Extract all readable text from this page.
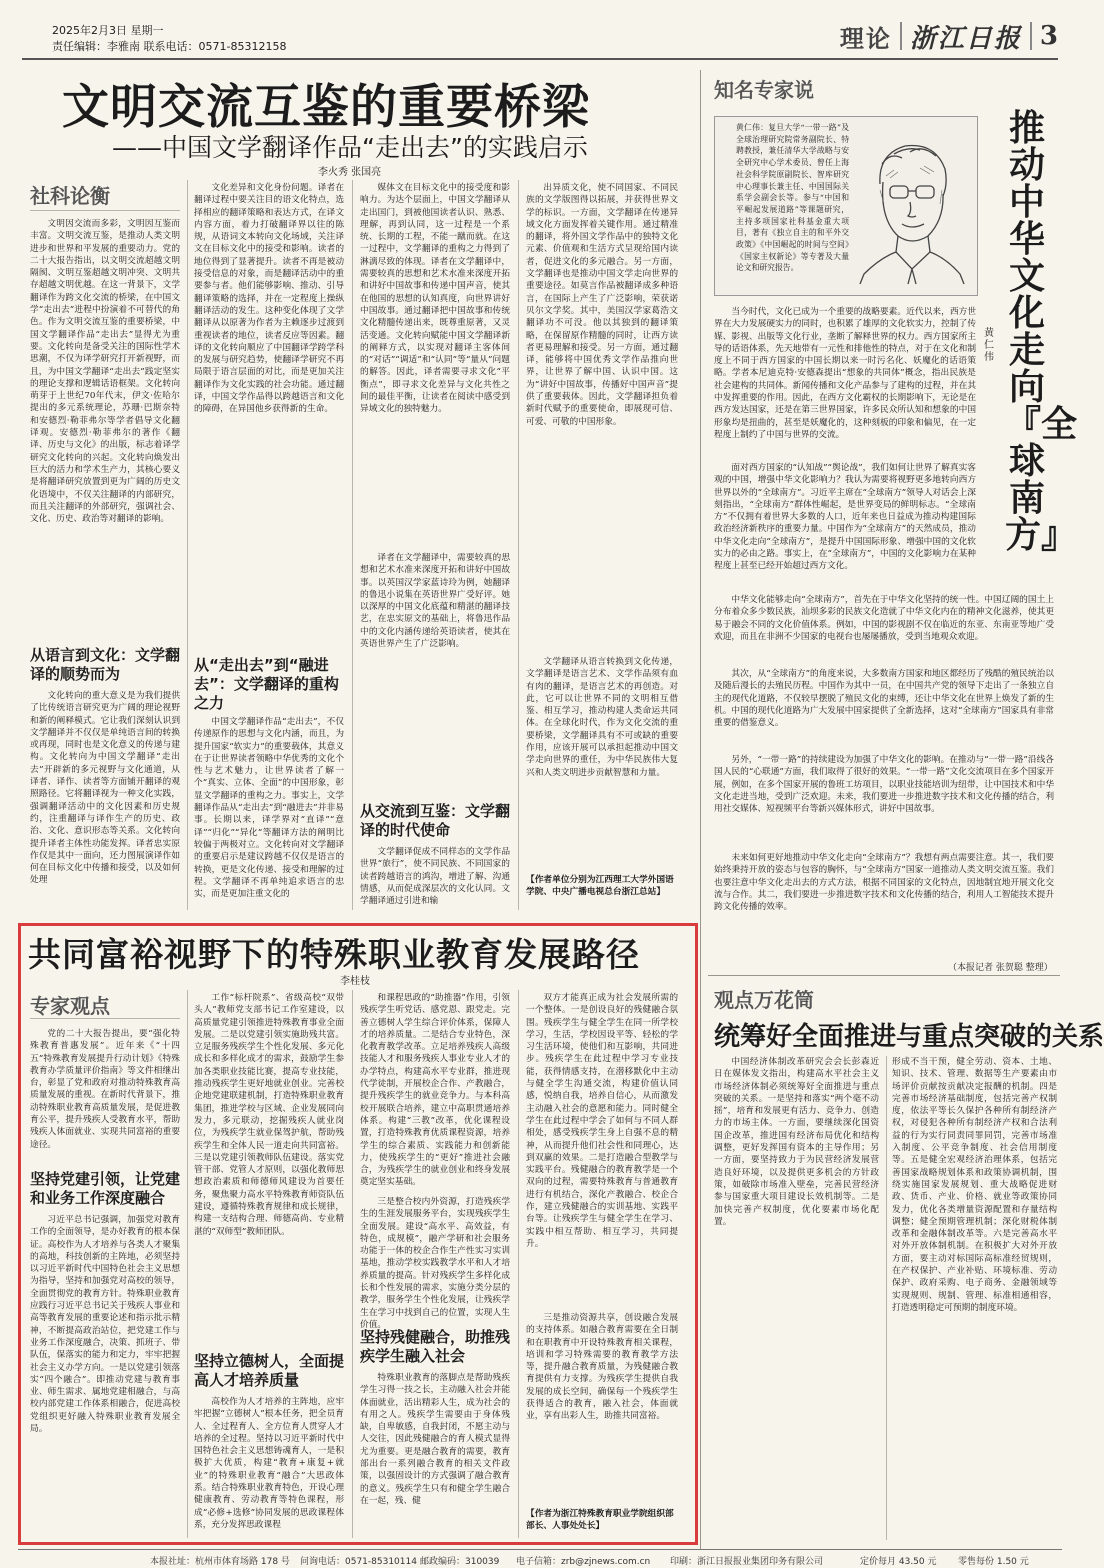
2025年2月3日 星期一
责任编辑：李雅南 联系电话：0571-85312158	理论 浙江日报 3
文明交流互鉴的重要桥梁
——中国文学翻译作品“走出去”的实践启示
李火秀 张国亮
社科论衡
文明因交流而多彩，文明因互鉴而丰富。文明交流互鉴，是推动人类文明进步和世界和平发展的重要动力。党的二十大报告指出，以文明交流超越文明隔阂、文明互鉴超越文明冲突、文明共存超越文明优越。在这一背景下，文学翻译作为跨文化交流的桥梁，在中国文学“走出去”进程中扮演着不可替代的角色。作为文明交流互鉴的重要桥梁，中国文学翻译作品“走出去”显得尤为重要。文化转向是备受关注的国际性学术思潮，不仅为译学研究打开新视野，而且，为中国文学翻译“走出去”践定坚实的理论支撑和逻辑话语框架。文化转向萌芽于上世纪70年代末，伊文·佐哈尔提出的多元系统理论，苏珊·巴斯奈特和安德烈·勒菲弗尔等学者倡导文化翻译观。安德烈·勒菲弗尔的著作《翻译、历史与文化》的出版，标志着译学研究文化转向的兴起。文化转向焕发出巨大的活力和学术生产力，其核心要义是将翻译研究放置到更为广阔的历史文化语境中，不仅关注翻译的内部研究，而且关注翻译的外部研究，强调社会、文化、历史、政治等对翻译的影响。
从语言到文化：文学翻译的顺势而为
文化转向的重大意义是为我们提供了比传统语言研究更为广阔的理论视野和新的阐释模式。它让我们深刻认识到文学翻译并不仅仅是单纯语言间的转换或再现，同时也是文化意义的传递与建构。文化转向为中国文学翻译“走出去”开辟新的多元视野与文化通道，从译者、译作、读者等方面铺开翻译的观照路径。它将翻译视为一种文化实践，强调翻译活动中的文化因素和历史规约，注重翻译与译作生产的历史、政治、文化、意识形态等关系。文化转向提升译者主体性功能发挥。译者忠实原作仅是其中一面向，还力图展演译作如何在目标文化中传播和接受，以及如何处理
文化差异和文化身份问题。译者在翻译过程中要关注目的语文化特点，选择相应的翻译策略和表达方式，在译文内容方面，着力打破翻译界以往的陈规，从语词文本转向文化场域，关注译文在目标文化中的接受和影响。读者的地位得到了显著提升。读者不再是被动接受信息的对象，而是翻译活动中的重要参与者。他们能够影响、推动、引导翻译策略的选择，并在一定程度上操纵翻译活动的发生。这种变化体现了文学翻译从以原著为作者为主赖逐步过渡到重视读者的地位，读者反应等因素。翻译的文化转向顺应了中国翻译学跨学科的发展与研究趋势，使翻译学研究不再局限于语言层面的对比，而是更加关注翻译作为文化实践的社会功能。通过翻译，中国文学作品得以跨越语言和文化的障碍，在异国他乡获得新的生命。
从“走出去”到“融进去”：文学翻译的重构之力
中国文学翻译作品“走出去”，不仅传递原作的思想与文化内涵，而且，为提升国家“软实力”的重要载体，其意义在于让世界读者领略中华优秀的文化个性与艺术魅力，让世界读者了解一个“真实、立体、全面”的中国形象，彰显文学翻译的重构之力。事实上，文学翻译作品从“走出去”到“融进去”并非易事。长期以来，译学界对“直译”“意译”“归化”“异化”等翻译方法的阐明比较偏于两极对立。文化转向对文学翻译的重要启示是建议跨越不仅仅是语言的转换，更是文化传递、接受和理解的过程。文学翻译不再单纯追求语言的忠实，而是更加注重文化的
媒体文在目标文化中的接受度和影响力。为达个层面上，中国文学翻译从走出国门，到被他国读者认识、熟悉、理解，再到认同，这一过程是一个系统、长期的工程，不能一蹴而就。在这一过程中，文学翻译的重构之力得到了淋漓尽致的体现。译者在文学翻译中，需要较真的思想和艺术水准来深度开拓和讲好中国故事和传递中国声音，使其在他国的思想的认知真度，向世界讲好中国故事。通过翻译把中国故事和传统文化精髓传递出来，既尊重原著，又灵活变通。文化转向赋能中国文学翻译新的阐释方式，以实现对翻译主客体间的“对话”“调适”和“认同”等“量从”问题的解答。因此，译者需要寻求文化“平衡点”，即寻求文化差异与文化共性之间的最佳平衡，让读者在阅读中感受到异域文化的独特魅力。
译者在文学翻译中，需要较真的思想和艺术水准来深度开拓和讲好中国故事。以英国汉学家蓝诗玲为例，她翻译的鲁迅小说集在英语世界广受好评。她以深厚的中国文化底蕴和精湛的翻译技艺，在忠实原文的基础上，将鲁迅作品中的文化内涵传递给英语读者，使其在英语世界产生了广泛影响。
从交流到互鉴：文学翻译的时代使命
文学翻译促成不同样态的文学作品世界“旅行”，使不同民族、不同国家的读者跨越语言的鸿沟，增进了解、沟通情感，从而促成深层次的文化认同。文学翻译通过引进和输
出异质文化，使不同国家、不同民族的文学版图得以拓展，并获得世界文学的标识。一方面，文学翻译在传递异域文化方面发挥着关键作用。通过精准的翻译，将外国文学作品中的独特文化元素、价值观和生活方式呈现给国内读者，促进文化的多元融合。另一方面，文学翻译也是推动中国文学走向世界的重要途径。如莫言作品被翻译成多种语言，在国际上产生了广泛影响，荣获诺贝尔文学奖。其中，美国汉学家葛浩文翻译功不可没。他以其独到的翻译策略，在保留原作精髓的同时，让西方读者更易理解和接受。另一方面，通过翻译，能够将中国优秀文学作品推向世界，让世界了解中国、认识中国。这为“讲好中国故事，传播好中国声音”提供了重要载体。因此，文学翻译担负着新时代赋予的重要使命，即展现可信、可爱、可敬的中国形象。
文学翻译从语言转换到文化传递，文学翻译是语言艺术、文学作品须有血有肉的翻译，是语言艺术的再创造。对此，它可以让世界不同的文明相互借鉴、相互学习，推动构建人类命运共同体。在全球化时代，作为文化交流的重要桥梁，文学翻译具有不可或缺的重要作用，应该开展可以承担起推动中国文学走向世界的重任，为中华民族伟大复兴和人类文明进步贡献智慧和力量。
【作者单位分别为江西理工大学外国语学院、中央广播电视总台浙江总站】
知名专家说
黄仁伟：复旦大学“一带一路”及全球治理研究院常务副院长、特聘教授，兼任清华大学战略与安全研究中心学术委员、曾任上海社会科学院原副院长、智库研究中心理事长兼主任、中国国际关系学会副会长等。参与“中国和平崛起发展道路”等课题研究，主持多项国家社科基金重大项目，著有《独立自主的和平外交政策》《中国崛起的时间与空间》《国家主权新论》等专著及大量论文和研究报告。
推动中华文化走向『全球南方』
黄仁伟
当今时代，文化已成为一个重要的战略要素。近代以来，西方世界在大力发展硬实力的同时，也积累了雄厚的文化软实力，控制了传媒、影视、出版等文化行业，垄断了解释世界的权力。西方国家所主导的话语体系，先天地带有一元性和排他性的特点，对于在文化和制度上不同于西方国家的中国长期以来一时污名化、妖魔化的话语策略。学者本尼迪克特·安德森提出“想象的共同体”概念，指出民族是社会建构的共同体。新闻传播和文化产品参与了建构的过程，并在其中发挥重要的作用。因此，在西方文化霸权的长期影响下，无论是在西方发达国家，还是在第三世界国家，许多民众所认知和想象的中国形象均是扭曲的，甚至是妖魔化的，这种刻板的印象和偏见，在一定程度上制约了中国与世界的交流。
面对西方国家的“认知战”“舆论战”，我们如何让世界了解真实客观的中国，增强中华文化影响力？我认为需要将视野更多地转向西方世界以外的“全球南方”。习近平主席在“全球南方”领导人对话会上深刻指出，“全球南方”群体性崛起，是世界变局的鲜明标志。“全球南方”不仅拥有着世界大多数的人口，近年来也日益成为推动构建国际政治经济新秩序的重要力量。中国作为“全球南方”的天然成员，推动中华文化走向“全球南方”，是提升中国国际形象、增强中国的文化软实力的必由之路。事实上，在“全球南方”，中国的文化影响力在某种程度上甚至已经开始超过西方文化。
中华文化能够走向“全球南方”，首先在于中华文化坚持的统一性。中国辽阔的国土上分布着众多少数民族，汕坝多彩的民族文化造就了中华文化内在的精神文化滋养，使其更易于融会不同的文化价值体系。例如，中国的影视剧不仅在临近的东亚、东南亚等地广受欢迎，而且在非洲不少国家的电视台也屡屡播放，受到当地观众欢迎。
其次，从“全球南方”的角度来说，大多数南方国家和地区都经历了残酷的殖民统治以及随后漫长的去殖民历程。中国作为其中一员，在中国共产党的领导下走出了一条独立自主的现代化道路，不仅较早摆脱了殖民文化的束缚，还让中华文化在世界上焕发了新的生机。中国的现代化道路为广大发展中国家提供了全新选择，这对“全球南方”国家具有非常重要的借鉴意义。
另外，“一带一路”的持续建设为加强了中华文化的影响。在推动与“一带一路”沿线各国人民的“心联通”方面，我们取得了很好的效果。“一带一路”文化交流项目在多个国家开展，例如，在多个国家开展的鲁班工坊项目，以职业技能培训为纽带，让中国技术和中华文化走进当地，受到广泛欢迎。未来，我们要进一步推进数字技术和文化传播的结合，利用社交媒体、短视频平台等新兴媒体形式，讲好中国故事。
未来如何更好地推动中华文化走向“全球南方”？我想有两点需要注意。其一，我们要始终秉持开放的姿态与包容的胸怀，与“全球南方”国家一道推动人类文明交流互鉴。我们也要注意中华文化走出去的方式方法，根据不同国家的文化特点，因地制宜地开展文化交流与合作。其二，我们要进一步推进数字技术和文化传播的结合，利用人工智能技术提升跨文化传播的效率。
（本报记者 张贺聪 整理）
共同富裕视野下的特殊职业教育发展路径
李桂枝
专家观点
党的二十大报告提出，要“强化特殊教育普惠发展”。近年来《“十四五”特殊教育发展提升行动计划》《特殊教育办学质量评价指南》等文件相继出台，彰显了党和政府对推动特殊教育高质量发展的重视。在新时代背景下，推动特殊职业教育高质量发展，是促进教育公平，提升残疾人受教育水平，帮助残疾人体面就业、实现共同富裕的重要途径。
坚持党建引领，让党建和业务工作深度融合
习近平总书记强调，加强党对教育工作的全面领导，是办好教育的根本保证。高校作为人才培养与各类人才聚集的高地，科技创新的主阵地，必须坚持以习近平新时代中国特色社会主义思想为指导，坚持和加强党对高校的领导，全面贯彻党的教育方针。特殊职业教育应践行习近平总书记关于残疾人事业和高等教育发展的重要论述和指示批示精神，不断提高政治站位，把党建工作与业务工作深度融合，决策、抓班子、带队伍，保落实的能力和定力，牢牢把握社会主义办学方向。一是以党建引领落实“四个融合”。即推动党建与教育事业、师生需求、属地党建相融合，与高校内部党建工作体系相融合，促进高校党组织更好融入特殊职业教育发展全局。
工作“标杆院系”、省级高校“双带头人”教师党支部书记工作室建设，以高质量党建引领推进特殊教育事业全面发展。二是以党建引领实施助残共富。立足服务残疾学生个性化发展、多元化成长和多样化成才的需求，鼓励学生参加各类职业技能比赛，提高专业技能，推动残疾学生更好地就业创业。完善校企地党建联建机制，打造特殊职业教育集团，推进学校与区域、企业发展同向发力，多元联动，挖掘残疾人就业岗位，为残疾学生就业保驾护航，帮助残疾学生和全体人民一道走向共同富裕。三是以党建引领教师队伍建设。落实党管干部、党管人才原则，以强化教师思想政治素质和师德师风建设为首要任务，聚焦聚力高水平特殊教育师资队伍建设，遵循特殊教育规律和成长规律，构建一支结构合理、师德高尚、专业精湛的“双师型”教师团队。
坚持立德树人，全面提高人才培养质量
高校作为人才培养的主阵地，应牢牢把握“立德树人”根本任务，把全员育人、全过程育人、全方位育人贯穿人才培养的全过程。坚持以习近平新时代中国特色社会主义思想铸魂育人，一是积极扩大优质，构建“教育+康复+就业”的特殊职业教育“融合”大思政体系。结合特殊职业教育特色，开设心理健康教育、劳动教育等特色课程，形成“必修+选修”协同发展的思政课程体系，充分发挥思政课程
和课程思政的“助推器”作用，引领残疾学生听党话、感党恩、跟党走。完善立德树人学生综合评价体系，保障人才的培养质量。二是结合专业特色，深化教育教学改革。立足培养残疾人高级技能人才和服务残疾人事业专业人才的办学特点，构建高水平专业群，推进现代学徒制，开展校企合作、产教融合，提升残疾学生的就业竞争力。与本科高校开展联合培养，建立中高职贯通培养体系。构建“三教”改革，优化课程设置，打造特殊教育优质课程资源，培养学生的综合素质、实践能力和创新能力，使残疾学生的“更好”推进社会融合，为残疾学生的就业创业和终身发展奠定坚实基础。
三是整合校内外资源，打造残疾学生的生涯发展服务平台，实现残疾学生全面发展。建设“高水平、高效益，有特色，成规模”，融产学研和社会服务功能于一体的校企合作生产性实习实训基地，推动学校实践教学水平和人才培养质量的提高。针对残疾学生多样化成长和个性发展的需求，实施分类分层的教学，服务学生个性化发展，让残疾学生在学习中找到自己的位置，实现人生价值。
坚持残健融合，助推残疾学生融入社会
特殊职业教育的落脚点是帮助残疾学生习得一技之长，主动融入社会并能体面就业，活出精彩人生，成为社会的有用之人。残疾学生需要由于身体残缺，自卑敏感，自我封闭，不愿主动与人交往，因此残健融合的育人模式显得尤为重要。更是融合教育的需要，教育部出台一系列融合教育的相关文件政策，以强固设计的方式强调了融合教育的意义。残疾学生只有和健全学生融合在一起，残、健
双方才能真正成为社会发展所需的一个整体。一是创设良好的残健融合氛围。残疾学生与健全学生在同一所学校学习，生活，学校因设平等、轻松的学习生活环境，使他们和互影响，共同进步。残疾学生在此过程中学习专业技能，获得情感支持，在潜移默化中主动与健全学生沟通交流，构建价值认同感，悦纳自我，培养自信心，从而激发主动融入社会的意愿和能力。同时健全学生在此过程中学会了如何与不同人群相处，感受残疾学生身上自强不息的精神，从而提升他们社会性和同理心，达到双赢的效果。二是打造融合型教学与实践平台。残健融合的教育教学是一个双向的过程，需要特殊教育与普通教育进行有机结合，深化产教融合、校企合作，建立残健融合的实训基地、实践平台等。让残疾学生与健全学生在学习、实践中相互帮助、相互学习，共同提升。
三是推动资源共享，创设融合发展的支持体系。如融合教育需要在全日制和在职教育中开设特殊教育相关课程，培训和学习特殊需要的教育教学方法等，提升融合教育质量，为残健融合教育提供有力支撑。为残疾学生提供自我发展的成长空间，确保每一个残疾学生获得适合的教育，融入社会，体面就业，享有出彩人生，助推共同富裕。
【作者为浙江特殊教育职业学院组织部部长、人事处处长】
观点万花筒
统筹好全面推进与重点突破的关系
中国经济体制改革研究会会长彭森近日在媒体发文指出，构建高水平社会主义市场经济体制必须统筹好全面推进与重点突破的关系。一是坚持和落实“两个毫不动摇”，培育和发展更有活力、竞争力、创造力的市场主体。一方面，要继续深化国资国企改革，推进国有经济布局优化和结构调整，更好发挥国有资本的主导作用；另一方面，要坚持致力于为民营经济发展营造良好环境，以及提供更多机会的方针政策，如破除市场准入壁垒，完善民营经济参与国家重大项目建设长效机制等。二是加快完善产权制度，优化要素市场化配置。
形成不当干预，健全劳动、资本、土地、知识、技术、管理、数据等生产要素由市场评价贡献按贡献决定报酬的机制。四是完善市场经济基础制度，包括完善产权制度，依法平等长久保护各种所有制经济产权，对侵犯各种所有制经济产权和合法利益的行为实行同责同罪同罚，完善市场准入制度、公平竞争制度、社会信用制度等。五是健全宏观经济治理体系，包括完善国家战略规划体系和政策协调机制，围绕实施国家发展规划、重大战略促进财政、货币、产业、价格、就业等政策协同发力，优化各类增量资源配置和存量结构调整；健全预期管理机制；深化财税体制改革和金融体制改革等。六是完善高水平对外开放体制机制。在积极扩大对外开放方面，要主动对标国际高标准经贸规则，在产权保护、产业补贴、环境标准、劳动保护、政府采购、电子商务、金融领域等实现规则、规制、管理、标准相通相容，打造透明稳定可预期的制度环境。
本报社址：杭州市体育场路 178 号 问询电话：0571-85310114 邮政编码：310039 电子信箱：zrb@zjnews.com.cn 印刷：浙江日报报业集团印务有限公司	定价每月 43.50 元 零售每份 1.50 元
